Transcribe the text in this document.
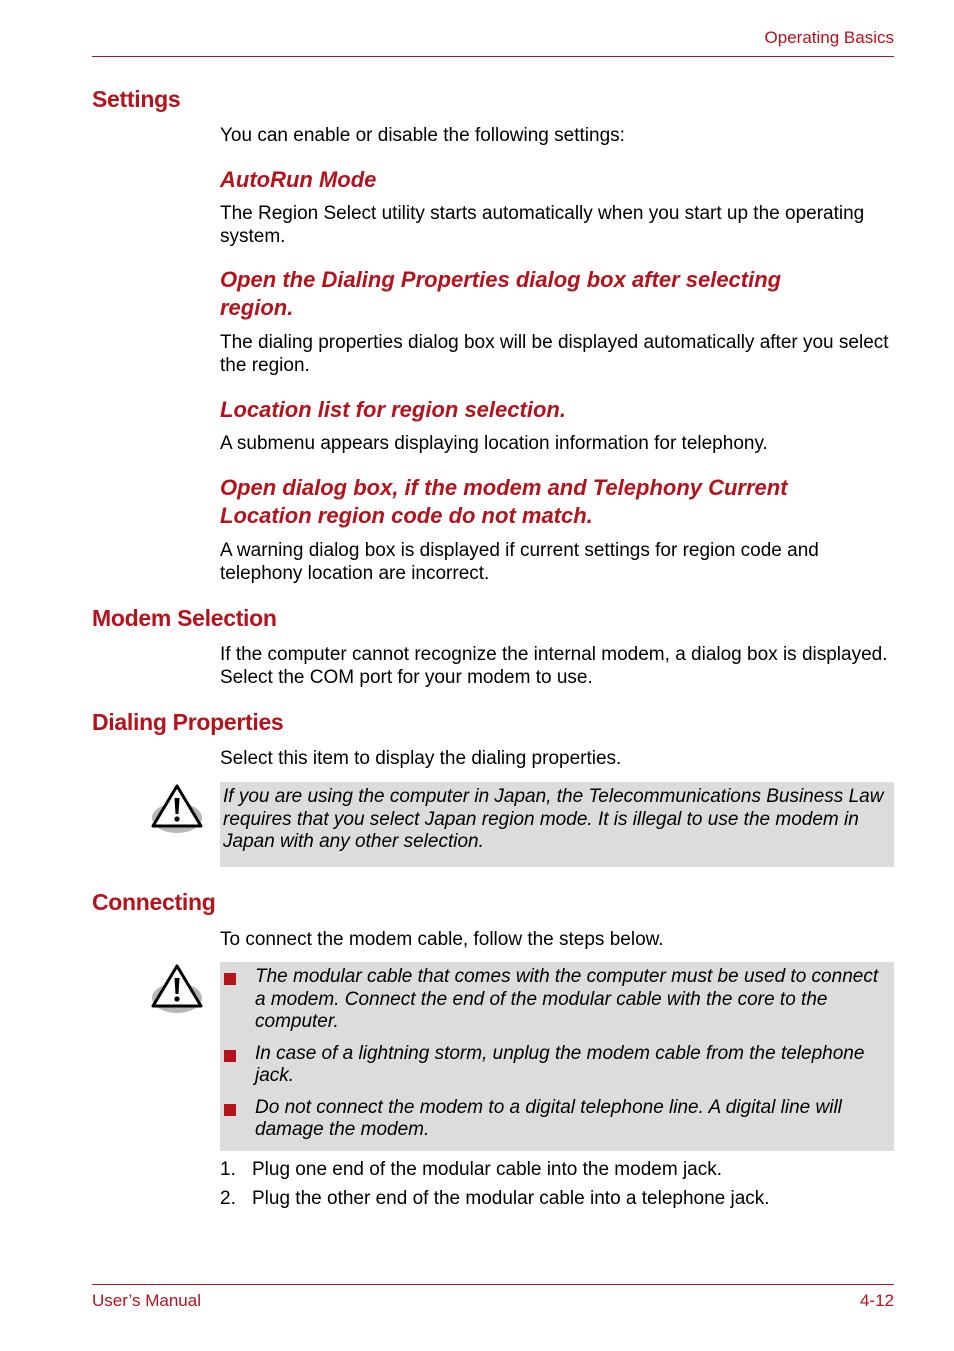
Operating Basics
Settings
You can enable or disable the following settings:
AutoRun Mode
The Region Select utility starts automatically when you start up the operating system.
Open the Dialing Properties dialog box after selecting
region.
The dialing properties dialog box will be displayed automatically after you select the region.
Location list for region selection.
A submenu appears displaying location information for telephony.
Open dialog box, if the modem and Telephony Current
Location region code do not match.
A warning dialog box is displayed if current settings for region code and telephony location are incorrect.
Modem Selection
If the computer cannot recognize the internal modem, a dialog box is displayed. Select the COM port for your modem to use.
Dialing Properties
Select this item to display the dialing properties.
If you are using the computer in Japan, the Telecommunications Business Law requires that you select Japan region mode. It is illegal to use the modem in Japan with any other selection.
Connecting
To connect the modem cable, follow the steps below.
The modular cable that comes with the computer must be used to connect a modem. Connect the end of the modular cable with the core to the computer.
In case of a lightning storm, unplug the modem cable from the telephone jack.
Do not connect the modem to a digital telephone line. A digital line will damage the modem.
1. Plug one end of the modular cable into the modem jack.
2. Plug the other end of the modular cable into a telephone jack.
User’s Manual	4-12
